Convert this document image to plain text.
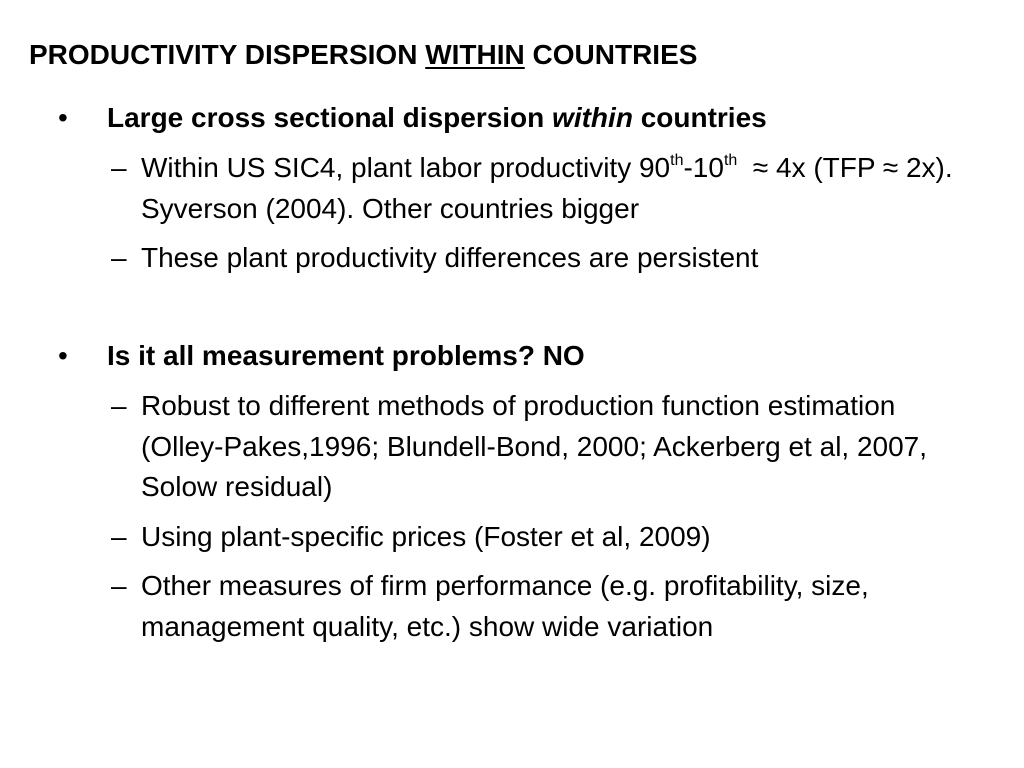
PRODUCTIVITY DISPERSION WITHIN COUNTRIES
• Large cross sectional dispersion within countries
– Within US SIC4, plant labor productivity 90th-10th  ≈ 4x (TFP ≈ 2x). Syverson (2004). Other countries bigger
– These plant productivity differences are persistent
• Is it all measurement problems? NO
– Robust to different methods of production function estimation (Olley-Pakes,1996; Blundell-Bond, 2000; Ackerberg et al, 2007, Solow residual)
– Using plant-specific prices (Foster et al, 2009)
– Other measures of firm performance (e.g. profitability, size, management quality, etc.) show wide variation
